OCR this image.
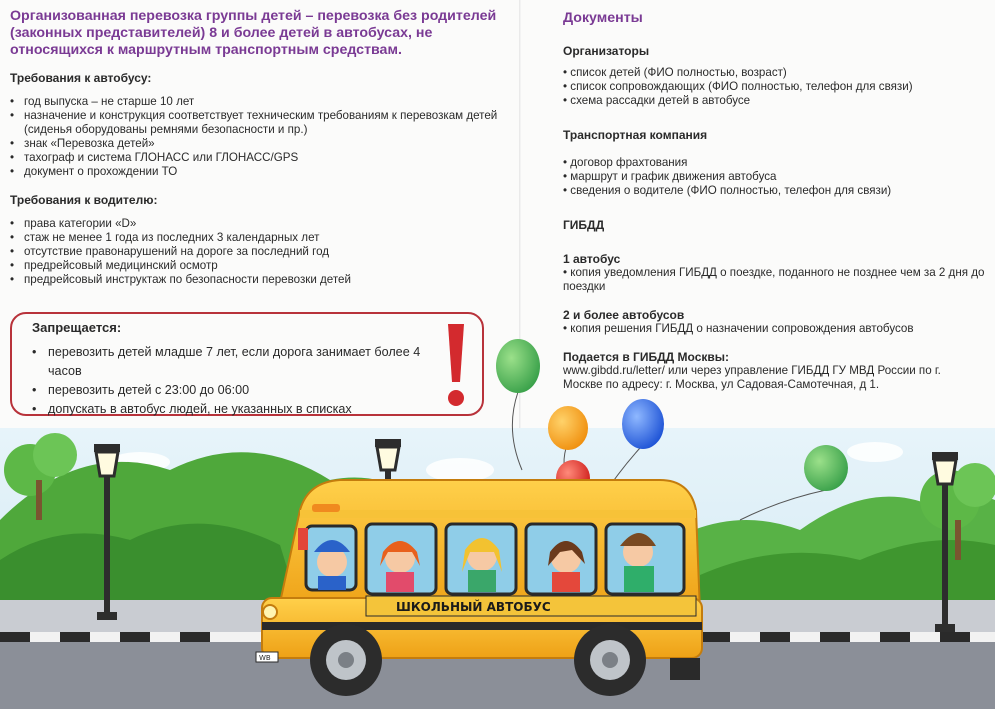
ШКОЛЬНЫЙ АВТОБУС
WB
Организованная перевозка группы детей – перевозка без родителей (законных представителей) 8 и более детей в автобусах, не относящихся к маршрутным транспортным средствам.
Требования к автобусу:
• год выпуска – не старше 10 лет
• назначение и конструкция соответствует техническим требованиям к перевозкам детей (сиденья оборудованы ремнями безопасности и пр.)
• знак «Перевозка детей»
• тахограф и система ГЛОНАСС или ГЛОНАСС/GPS
• документ о прохождении ТО
Требования к водителю:
• права категории «D»
• стаж не менее 1 года из последних 3 календарных лет
• отсутствие правонарушений на дороге за последний год
• предрейсовый медицинский осмотр
• предрейсовый инструктаж по безопасности перевозки детей
Запрещается:
• перевозить детей младше 7 лет, если дорога занимает более 4 часов
• перевозить детей с 23:00 до 06:00
• допускать в автобус людей, не указанных в списках
Документы
Организаторы
• список детей (ФИО полностью, возраст)
• список сопровождающих (ФИО полностью, телефон для связи)
• схема рассадки детей в автобусе
Транспортная компания
• договор фрахтования
• маршрут и график движения автобуса
• сведения о водителе (ФИО полностью, телефон для связи)
ГИБДД
1 автобус
• копия уведомления ГИБДД о поездке, поданного не позднее чем за 2 дня до поездки
2 и более автобусов
• копия решения ГИБДД о назначении сопровождения автобусов
Подается в ГИБДД Москвы:
www.gibdd.ru/letter/ или через управление ГИБДД ГУ МВД России по г. Москве по адресу: г. Москва, ул Садовая-Самотечная, д 1.
